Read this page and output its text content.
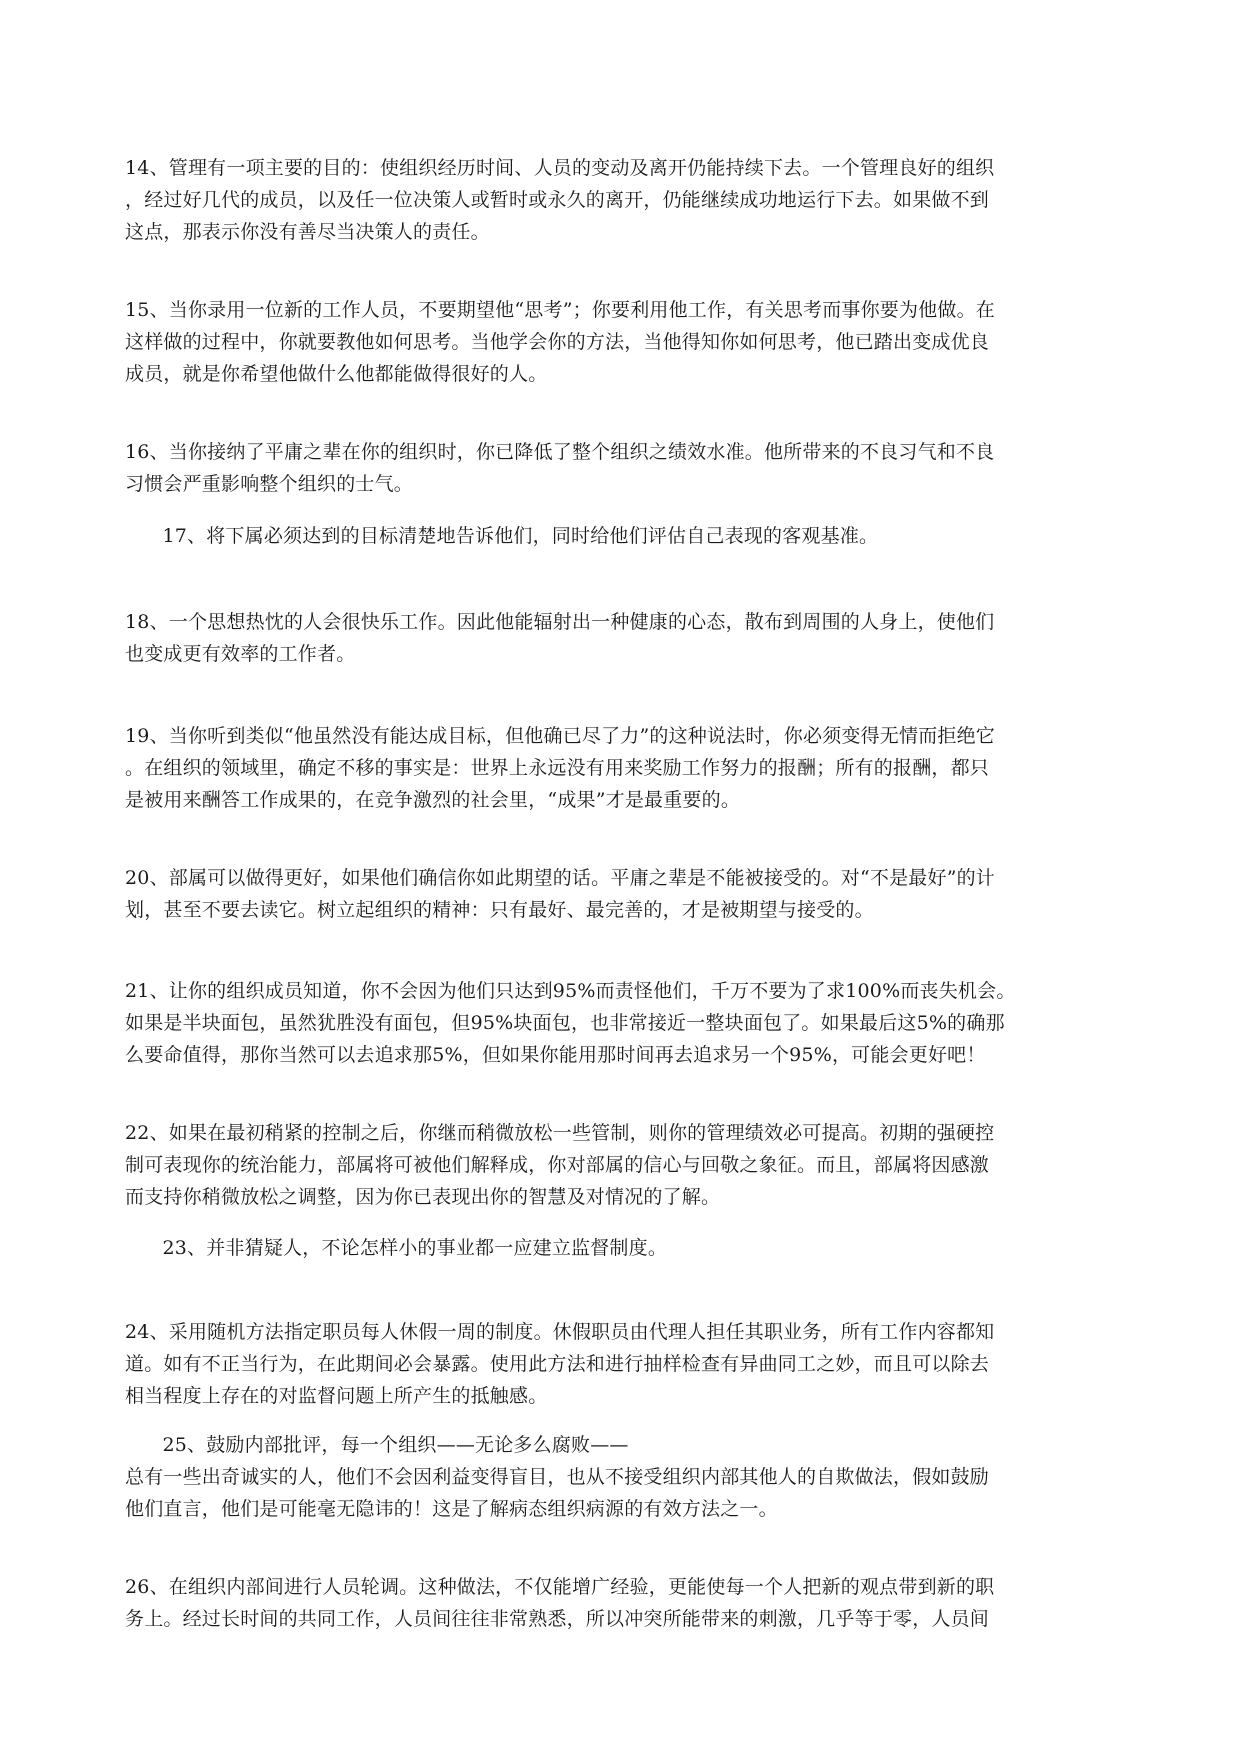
14、管理有一项主要的目的：使组织经历时间、人员的变动及离开仍能持续下去。一个管理良好的组织
，经过好几代的成员，以及任一位决策人或暂时或永久的离开，仍能继续成功地运行下去。如果做不到
这点，那表示你没有善尽当决策人的责任。

15、当你录用一位新的工作人员，不要期望他“思考”；你要利用他工作，有关思考而事你要为他做。在
这样做的过程中，你就要教他如何思考。当他学会你的方法，当他得知你如何思考，他已踏出变成优良
成员，就是你希望他做什么他都能做得很好的人。

16、当你接纳了平庸之辈在你的组织时，你已降低了整个组织之绩效水准。他所带来的不良习气和不良
习惯会严重影响整个组织的士气。

17、将下属必须达到的目标清楚地告诉他们，同时给他们评估自己表现的客观基准。

18、一个思想热忱的人会很快乐工作。因此他能辐射出一种健康的心态，散布到周围的人身上，使他们
也变成更有效率的工作者。

19、当你听到类似“他虽然没有能达成目标，但他确已尽了力”的这种说法时，你必须变得无情而拒绝它
。在组织的领域里，确定不移的事实是：世界上永远没有用来奖励工作努力的报酬；所有的报酬，都只
是被用来酬答工作成果的，在竞争激烈的社会里，“成果”才是最重要的。

20、部属可以做得更好，如果他们确信你如此期望的话。平庸之辈是不能被接受的。对“不是最好”的计
划，甚至不要去读它。树立起组织的精神：只有最好、最完善的，才是被期望与接受的。

21、让你的组织成员知道，你不会因为他们只达到95%而责怪他们，千万不要为了求100%而丧失机会。
如果是半块面包，虽然犹胜没有面包，但95%块面包，也非常接近一整块面包了。如果最后这5%的确那
么要命值得，那你当然可以去追求那5%，但如果你能用那时间再去追求另一个95%，可能会更好吧！

22、如果在最初稍紧的控制之后，你继而稍微放松一些管制，则你的管理绩效必可提高。初期的强硬控
制可表现你的统治能力，部属将可被他们解释成，你对部属的信心与回敬之象征。而且，部属将因感激
而支持你稍微放松之调整，因为你已表现出你的智慧及对情况的了解。

23、并非猜疑人，不论怎样小的事业都一应建立监督制度。

24、采用随机方法指定职员每人休假一周的制度。休假职员由代理人担任其职业务，所有工作内容都知
道。如有不正当行为，在此期间必会暴露。使用此方法和进行抽样检查有异曲同工之妙，而且可以除去
相当程度上存在的对监督问题上所产生的抵触感。

25、鼓励内部批评，每一个组织——无论多么腐败——
总有一些出奇诚实的人，他们不会因利益变得盲目，也从不接受组织内部其他人的自欺做法，假如鼓励
他们直言，他们是可能毫无隐讳的！这是了解病态组织病源的有效方法之一。

26、在组织内部间进行人员轮调。这种做法，不仅能增广经验，更能使每一个人把新的观点带到新的职
务上。经过长时间的共同工作，人员间往往非常熟悉，所以冲突所能带来的刺激，几乎等于零，人员间
